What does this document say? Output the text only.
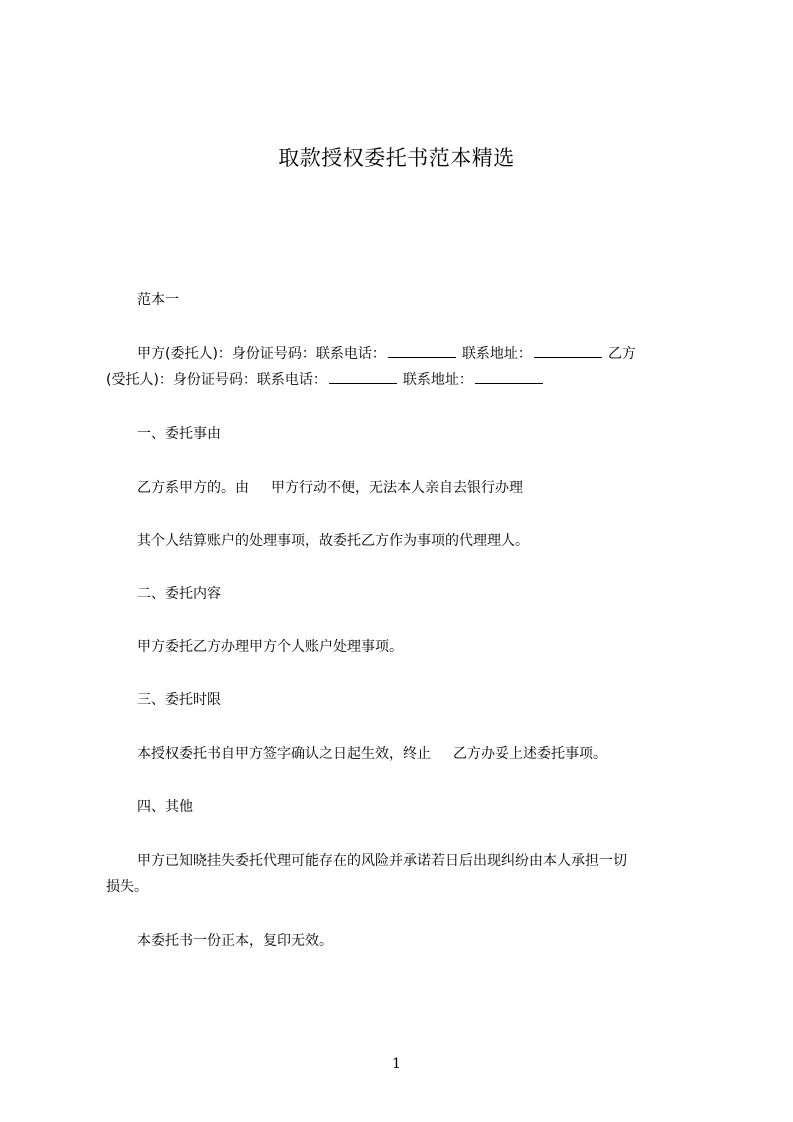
取款授权委托书范本精选
范本一
甲方(委托人)：身份证号码：联系电话：	联系地址：	乙方
(受托人)：身份证号码：联系电话：	联系地址：
一、委托事由
乙方系甲方的。由 甲方行动不便，无法本人亲自去银行办理
其个人结算账户的处理事项，故委托乙方作为事项的代理理人。
二、委托内容
甲方委托乙方办理甲方个人账户处理事项。
三、委托时限
本授权委托书自甲方签字确认之日起生效，终止 乙方办妥上述委托事项。
四、其他
甲方已知晓挂失委托代理可能存在的风险并承诺若日后出现纠纷由本人承担一切
损失。
本委托书一份正本，复印无效。
1
